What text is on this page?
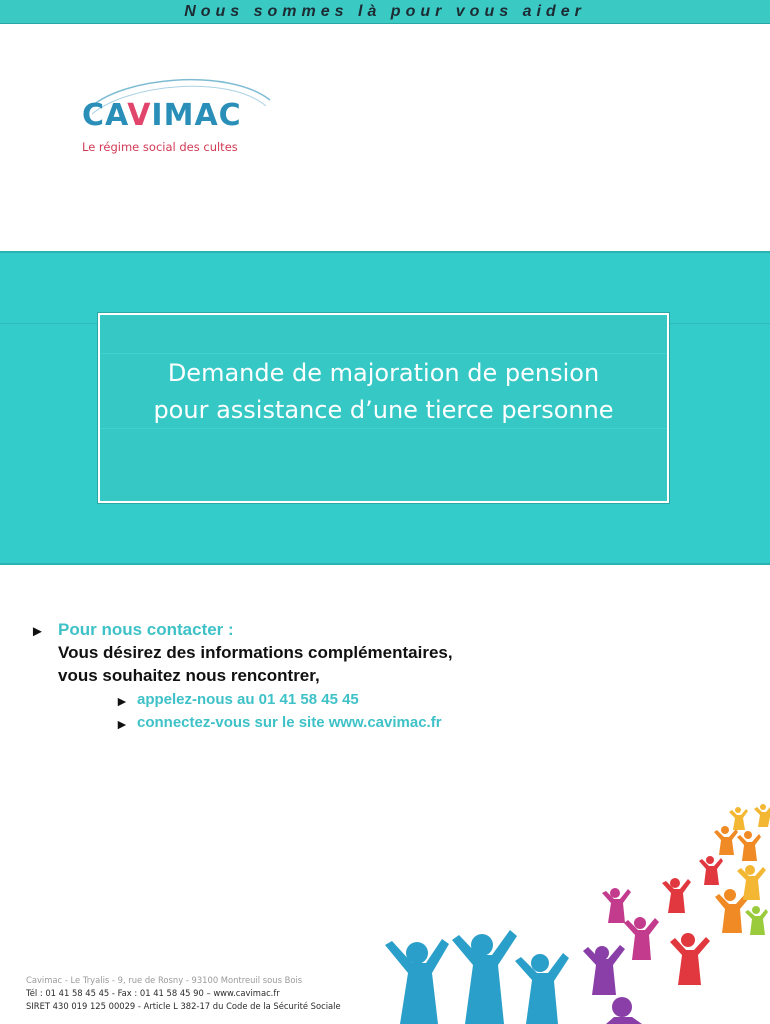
Nous sommes là pour vous aider
CAVIMAC
Le régime social des cultes
Demande de majoration de pension
pour assistance d’une tierce personne
► Pour nous contacter :
Vous désirez des informations complémentaires,
vous souhaitez nous rencontrer,
► appelez-nous au 01 41 58 45 45
► connectez-vous sur le site www.cavimac.fr
Cavimac - Le Tryalis - 9, rue de Rosny - 93100 Montreuil sous Bois
Tél : 01 41 58 45 45 - Fax : 01 41 58 45 90 – www.cavimac.fr
SIRET 430 019 125 00029 - Article L 382-17 du Code de la Sécurité Sociale
